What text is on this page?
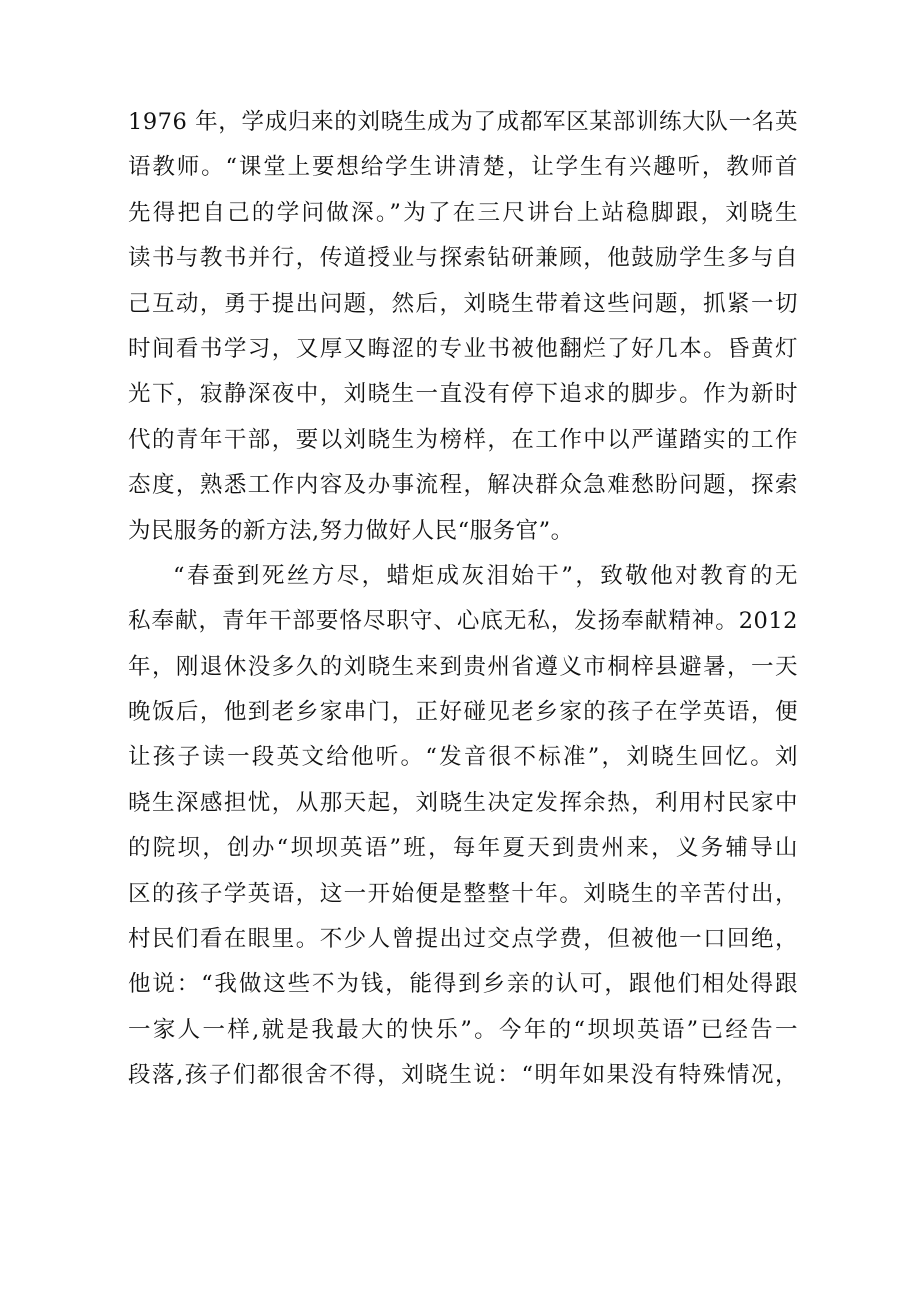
1976 年，学成归来的刘晓生成为了成都军区某部训练大队一名英
语教师。“课堂上要想给学生讲清楚，让学生有兴趣听，教师首
先得把自己的学问做深。”为了在三尺讲台上站稳脚跟，刘晓生
读书与教书并行，传道授业与探索钻研兼顾，他鼓励学生多与自
己互动，勇于提出问题，然后，刘晓生带着这些问题，抓紧一切
时间看书学习，又厚又晦涩的专业书被他翻烂了好几本。昏黄灯
光下，寂静深夜中，刘晓生一直没有停下追求的脚步。作为新时
代的青年干部，要以刘晓生为榜样，在工作中以严谨踏实的工作
态度，熟悉工作内容及办事流程，解决群众急难愁盼问题，探索
为民服务的新方法,努力做好人民“服务官”。
“春蚕到死丝方尽，蜡炬成灰泪始干”，致敬他对教育的无
私奉献，青年干部要恪尽职守、心底无私，发扬奉献精神。2012
年，刚退休没多久的刘晓生来到贵州省遵义市桐梓县避暑，一天
晚饭后，他到老乡家串门，正好碰见老乡家的孩子在学英语，便
让孩子读一段英文给他听。“发音很不标准”，刘晓生回忆。刘
晓生深感担忧，从那天起，刘晓生决定发挥余热，利用村民家中
的院坝，创办“坝坝英语”班，每年夏天到贵州来，义务辅导山
区的孩子学英语，这一开始便是整整十年。刘晓生的辛苦付出，
村民们看在眼里。不少人曾提出过交点学费，但被他一口回绝，
他说：“我做这些不为钱，能得到乡亲的认可，跟他们相处得跟
一家人一样,就是我最大的快乐”。今年的“坝坝英语”已经告一
段落,孩子们都很舍不得，刘晓生说：“明年如果没有特殊情况，
